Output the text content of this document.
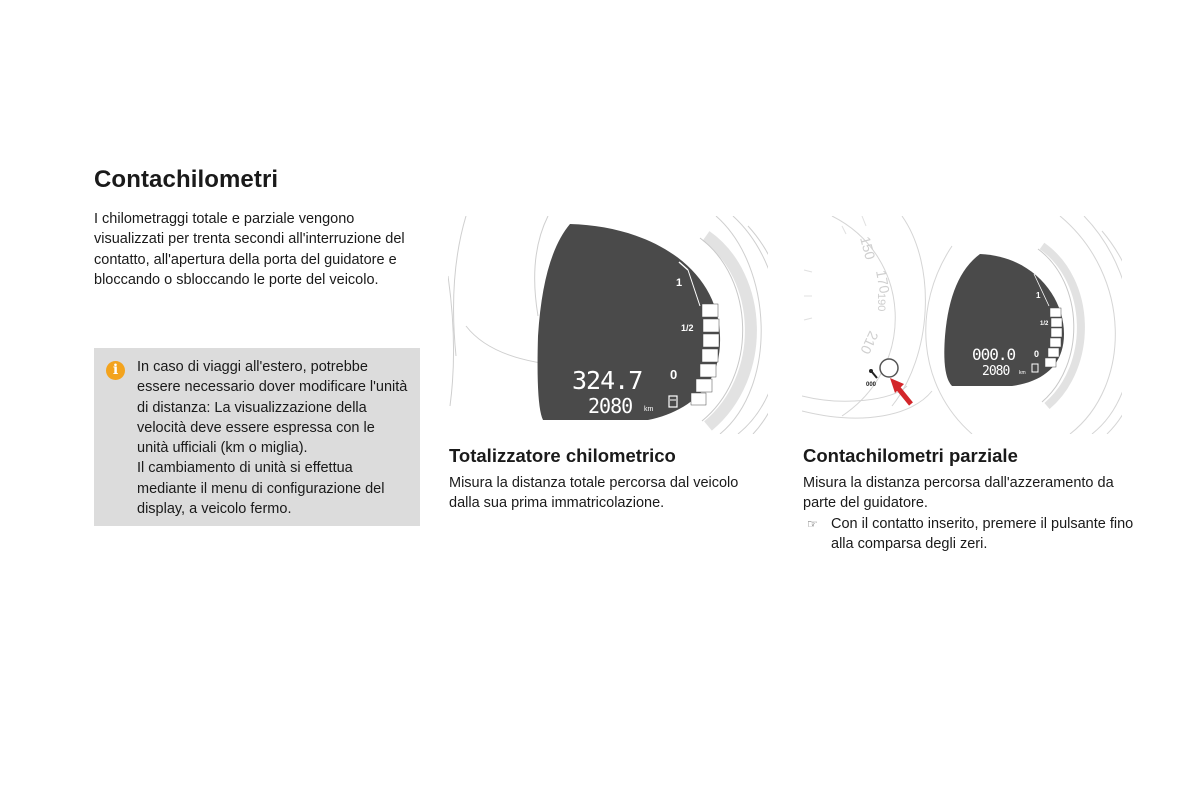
Contachilometri

I chilometraggi totale e parziale vengono visualizzati per trenta secondi all'interruzione del contatto, all'apertura della porta del guidatore e bloccando o sbloccando le porte del veicolo.

i	In caso di viaggi all'estero, potrebbe essere necessario dover modificare l'unità di distanza: La visualizzazione della velocità deve essere espressa con le unità ufficiali (km o miglia).

Il cambiamento di unità si effettua mediante il menu di configurazione del display, a veicolo fermo.

1
1/2
0
324.7
2080 km
150
170
190
210
1
1/2
0
000.0
2080 km
000
Totalizzatore chilometrico

Misura la distanza totale percorsa dal veicolo dalla sua prima immatricolazione.

Contachilometri parziale

Misura la distanza percorsa dall'azzeramento da parte del guidatore.

☞ Con il contatto inserito, premere il pulsante fino alla comparsa degli zeri.
